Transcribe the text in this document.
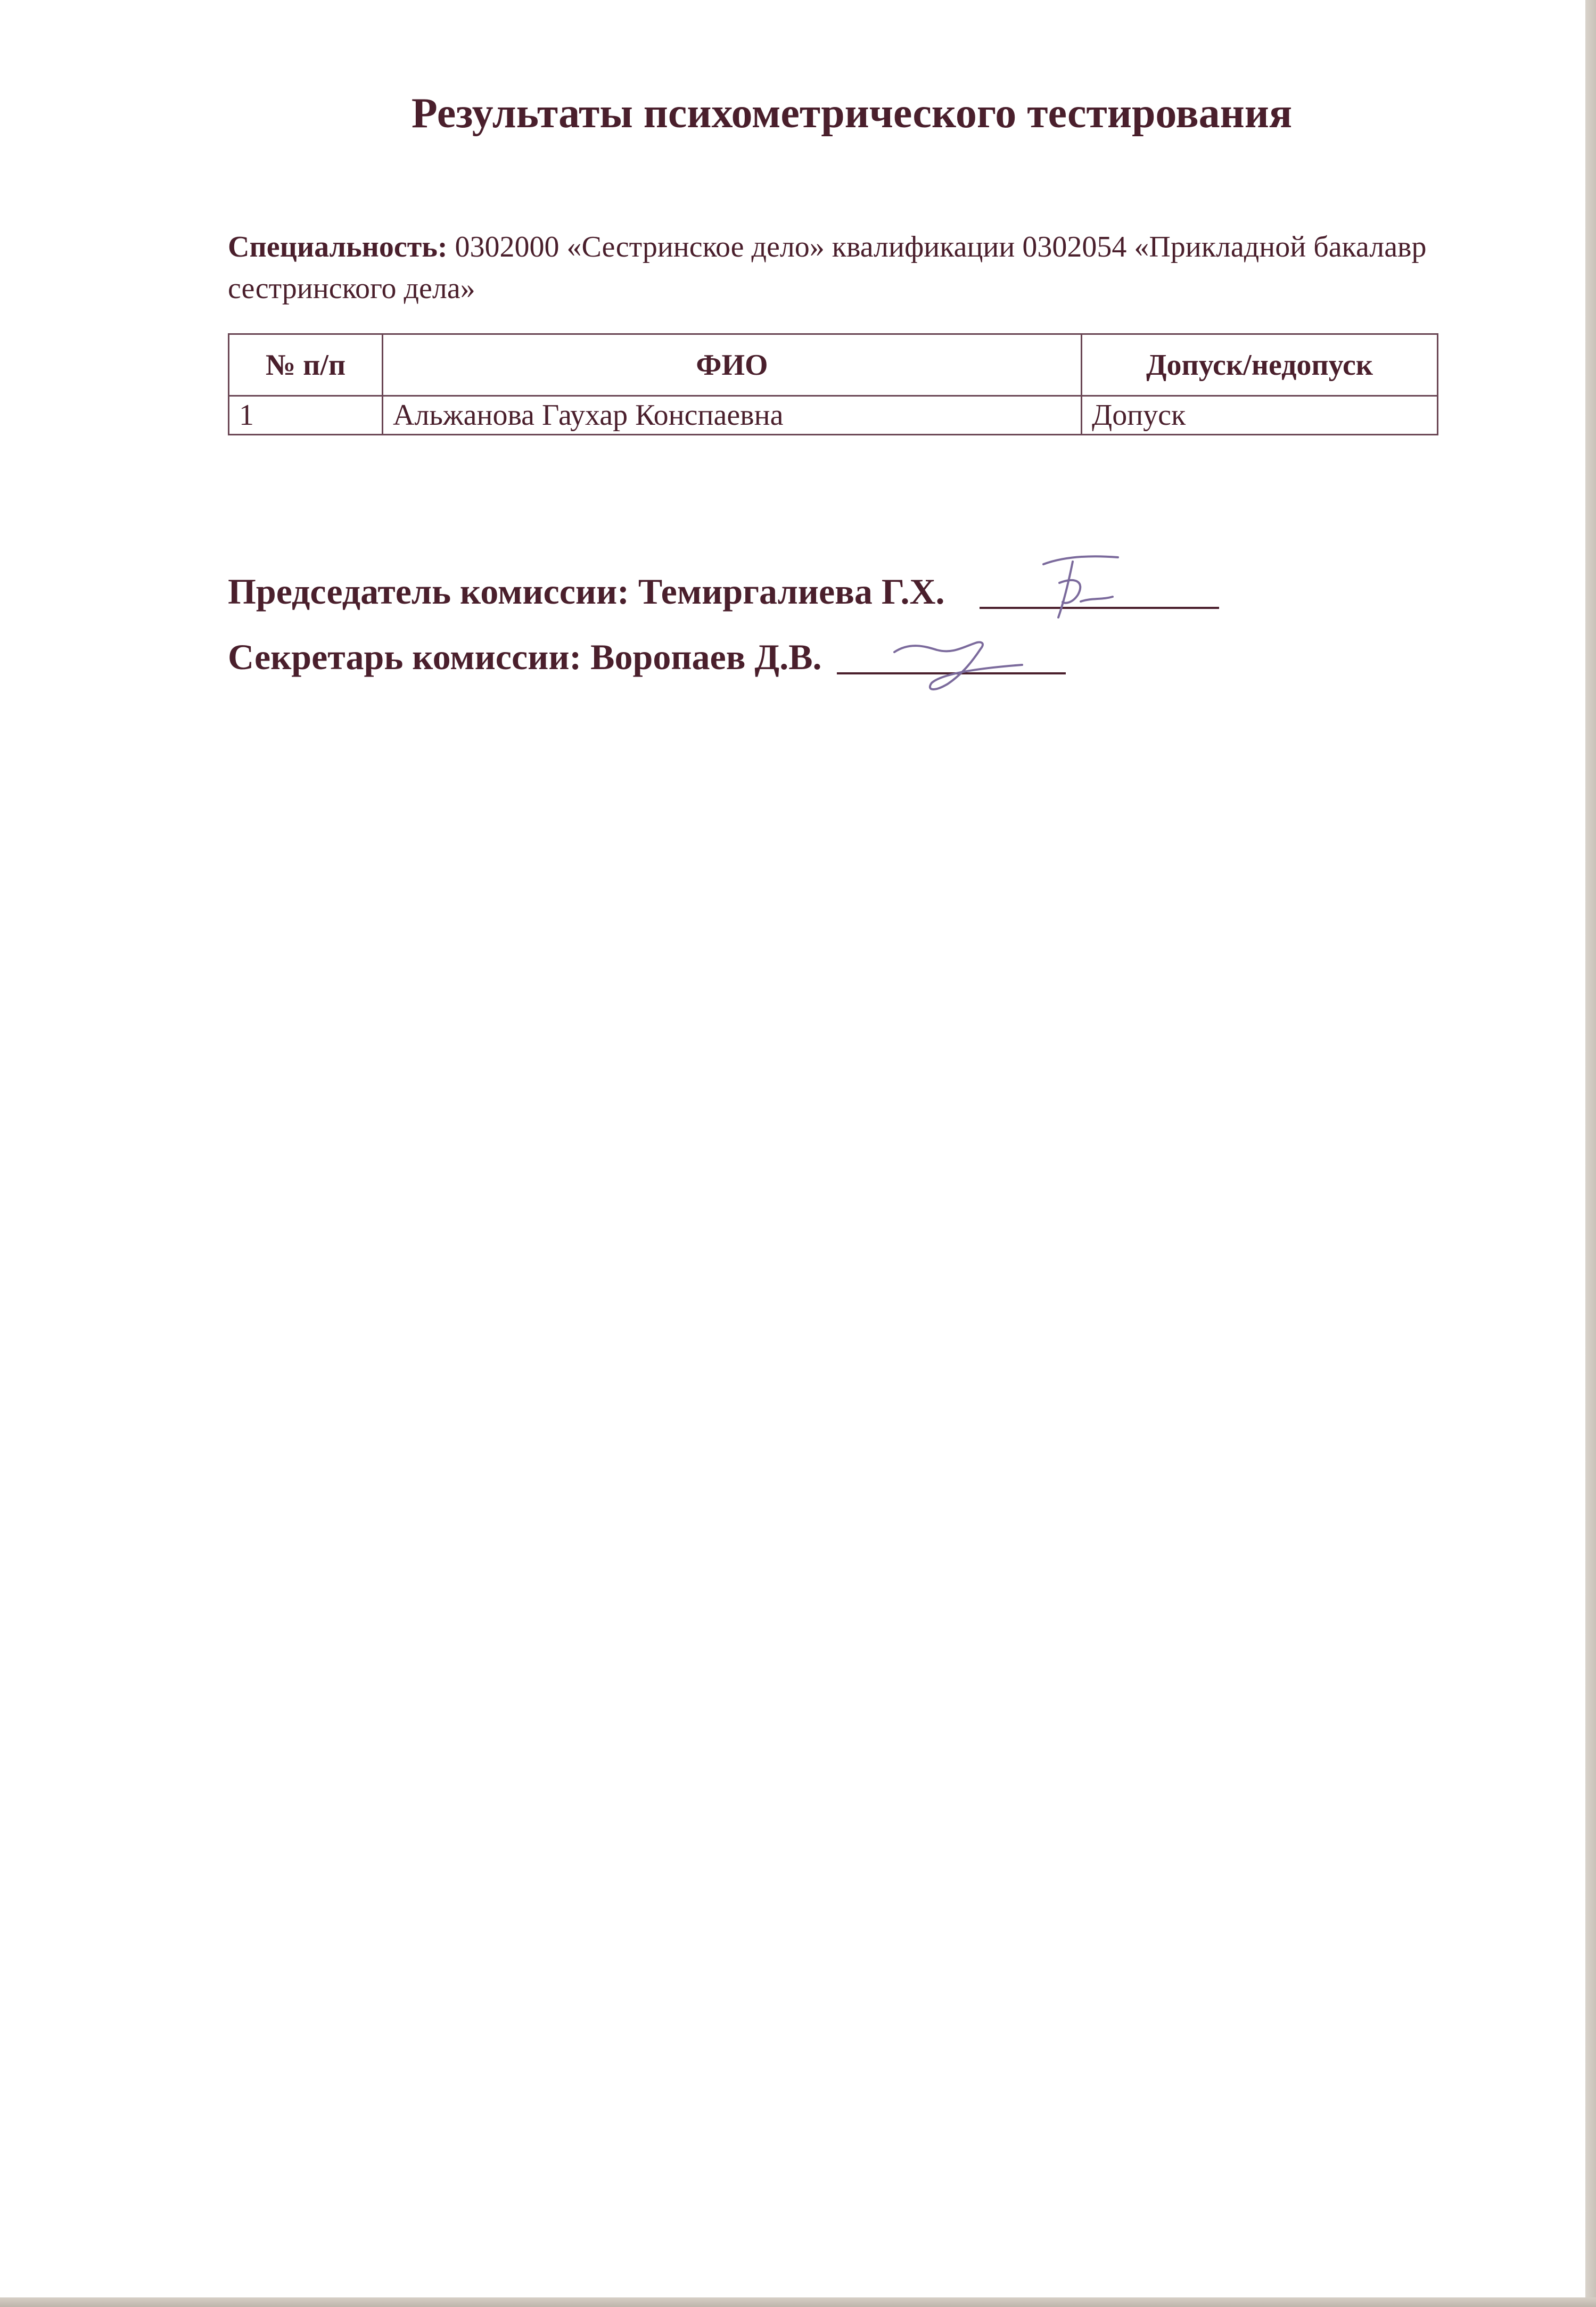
Результаты психометрического тестирования
Специальность: 0302000 «Сестринское дело» квалификации 0302054 «Прикладной бакалавр сестринского дела»
№ п/п	ФИО	Допуск/недопуск
1	Альжанова Гаухар Конспаевна	Допуск
Председатель комиссии: Темиргалиева Г.Х.
Секретарь комиссии: Воропаев Д.В.
